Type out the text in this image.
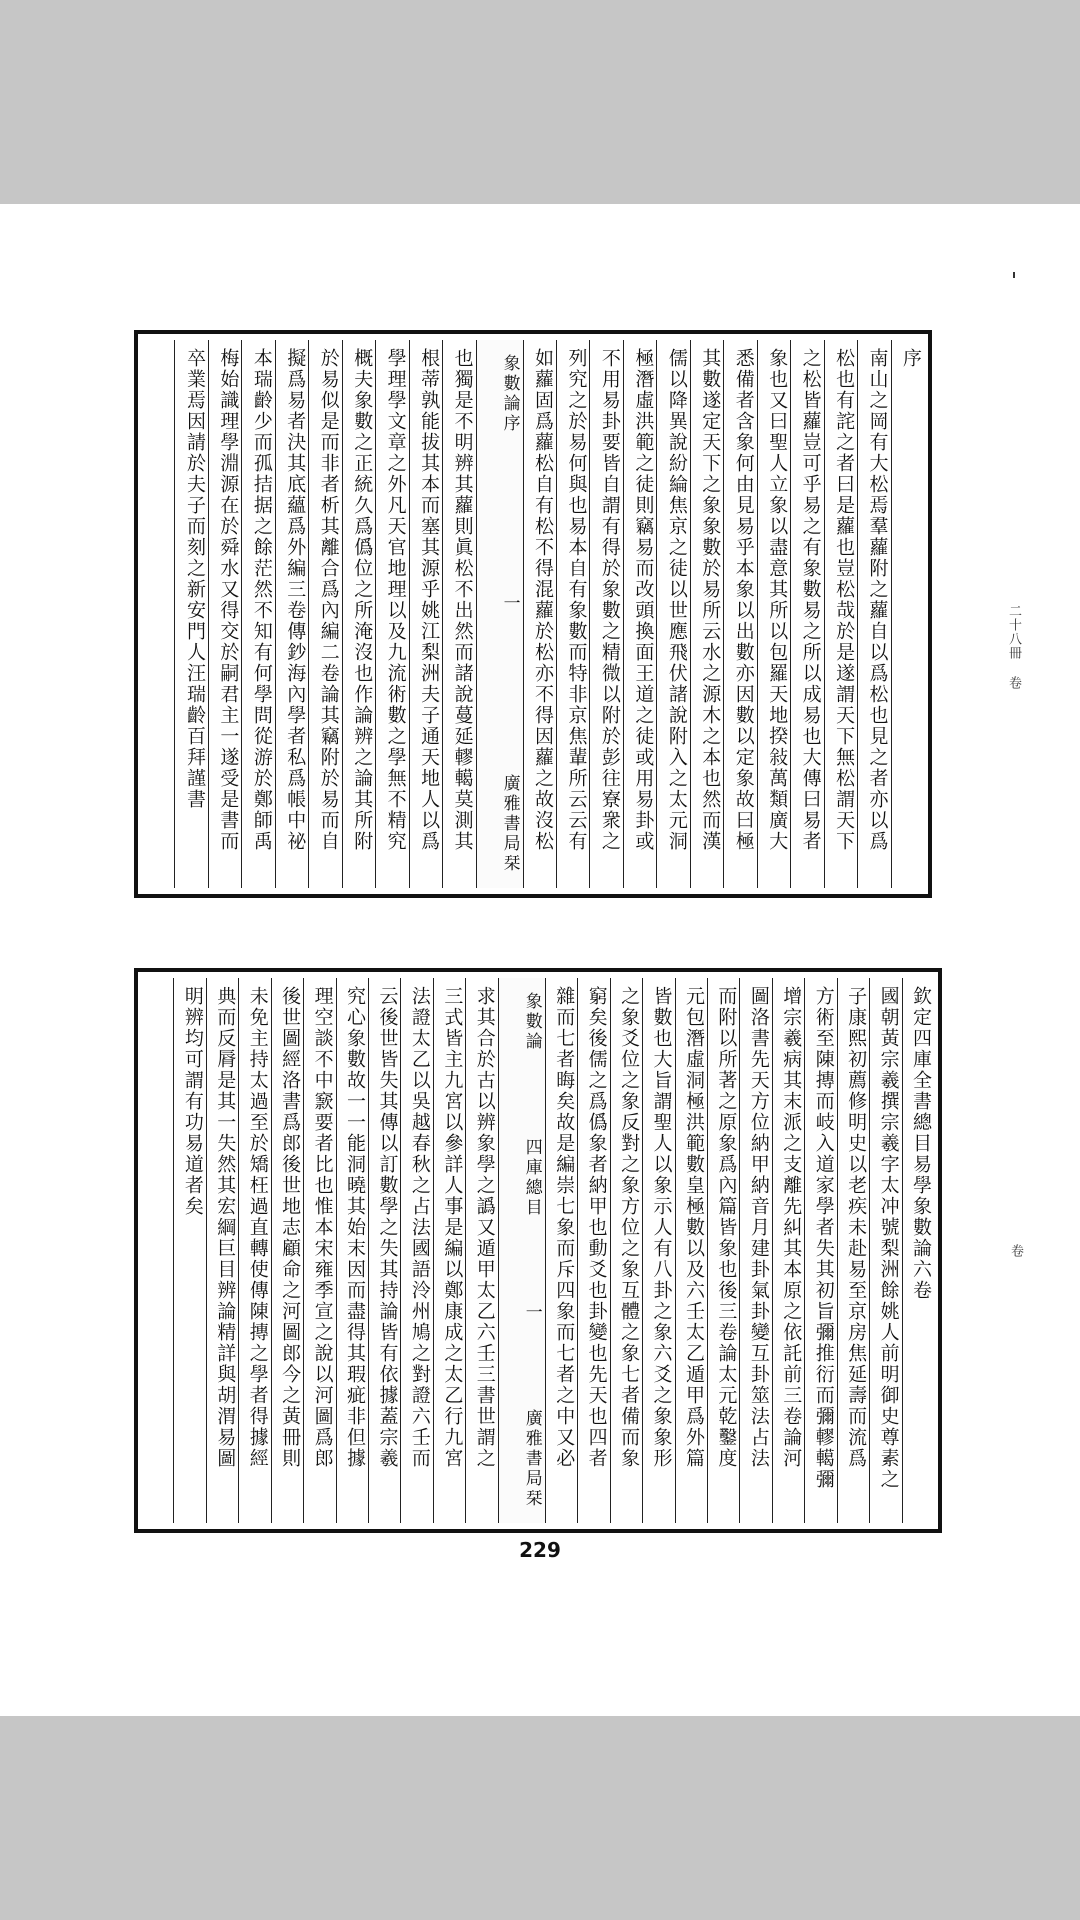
二十八冊 卷
卷
序
南山之岡有大松焉羣蘿附之蘿自以爲松也見之者亦以爲
松也有詫之者曰是蘿也豈松哉於是遂謂天下無松謂天下
之松皆蘿豈可乎易之有象數易之所以成易也大傳曰易者
象也又曰聖人立象以盡意其所以包羅天地揆敍萬類廣大
悉備者含象何由見易乎本象以出數亦因數以定象故曰極
其數遂定天下之象象數於易所云水之源木之本也然而漢
儒以降異說紛綸焦京之徒以世應飛伏諸說附入之太元洞
極潛虛洪範之徒則竊易而改頭換面王道之徒或用易卦或
不用易卦要皆自謂有得於象數之精微以附於彭往寮衆之
列究之於易何與也易本自有象數而特非京焦輩所云云有
如蘿固爲蘿松自有松不得混蘿於松亦不得因蘿之故沒松
象數論序
一
廣雅書局栞
也獨是不明辨其蘿則眞松不出然而諸說蔓延轇轕莫測其
根蒂孰能拔其本而塞其源乎姚江梨洲夫子通天地人以爲
學理學文章之外凡天官地理以及九流術數之學無不精究
概夫象數之正統久爲僞位之所淹沒也作論辨之論其所附
於易似是而非者析其離合爲內編二卷論其竊附於易而自
擬爲易者決其底蘊爲外編三卷傳鈔海內學者私爲帳中祕
本瑞齡少而孤拮据之餘茫然不知有何學問從游於鄭師禹
梅始識理學淵源在於舜水又得交於嗣君主一遂受是書而
卒業焉因請於夫子而刻之新安門人汪瑞齡百拜謹書
欽定四庫全書總目易學象數論六卷
國朝黃宗羲撰宗羲字太冲號梨洲餘姚人前明御史尊素之
子康熙初薦修明史以老疾未赴易至京房焦延壽而流爲
方術至陳摶而岐入道家學者失其初旨彌推衍而彌轇轕彌
增宗羲病其末派之支離先糾其本原之依託前三卷論河
圖洛書先天方位納甲納音月建卦氣卦變互卦筮法占法
而附以所著之原象爲內篇皆象也後三卷論太元乾鑿度
元包潛虛洞極洪範數皇極數以及六壬太乙遁甲爲外篇
皆數也大旨謂聖人以象示人有八卦之象六爻之象象形
之象爻位之象反對之象方位之象互體之象七者備而象
窮矣後儒之爲僞象者納甲也動爻也卦變也先天也四者
雜而七者晦矣故是編崇七象而斥四象而七者之中又必
象數論
四庫總目
一
廣雅書局栞
求其合於古以辨象學之譌又遁甲太乙六壬三書世謂之
三式皆主九宮以參詳人事是編以鄭康成之太乙行九宮
法證太乙以吳越春秋之占法國語泠州鳩之對證六壬而
云後世皆失其傳以訂數學之失其持論皆有依據蓋宗羲
究心象數故一一能洞曉其始末因而盡得其瑕疵非但據
理空談不中窾要者比也惟本宋雍季宣之說以河圖爲郎
後世圖經洛書爲郎後世地志顧命之河圖郎今之黃冊則
未免主持太過至於矯枉過直轉使傳陳摶之學者得據經
典而反脣是其一失然其宏綱巨目辨論精詳與胡渭易圖
明辨均可謂有功易道者矣
229
